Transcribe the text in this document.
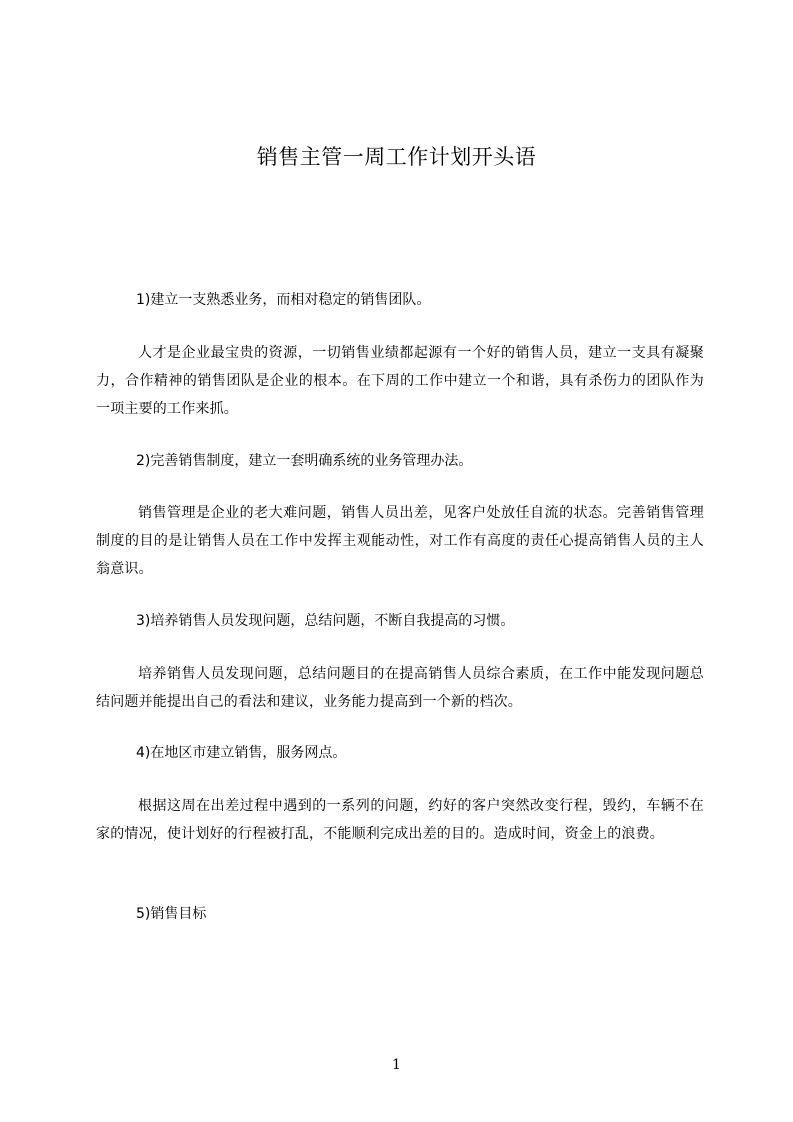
销售主管一周工作计划开头语

1)建立一支熟悉业务，而相对稳定的销售团队。

人才是企业最宝贵的资源，一切销售业绩都起源有一个好的销售人员，建立一支具有凝聚力，合作精神的销售团队是企业的根本。在下周的工作中建立一个和谐，具有杀伤力的团队作为一项主要的工作来抓。

2)完善销售制度，建立一套明确系统的业务管理办法。

销售管理是企业的老大难问题，销售人员出差，见客户处放任自流的状态。完善销售管理制度的目的是让销售人员在工作中发挥主观能动性，对工作有高度的责任心提高销售人员的主人翁意识。

3)培养销售人员发现问题，总结问题，不断自我提高的习惯。

培养销售人员发现问题，总结问题目的在提高销售人员综合素质，在工作中能发现问题总结问题并能提出自己的看法和建议，业务能力提高到一个新的档次。

4)在地区市建立销售，服务网点。

根据这周在出差过程中遇到的一系列的问题，约好的客户突然改变行程，毁约，车辆不在家的情况，使计划好的行程被打乱，不能顺利完成出差的目的。造成时间，资金上的浪费。

5)销售目标

1
